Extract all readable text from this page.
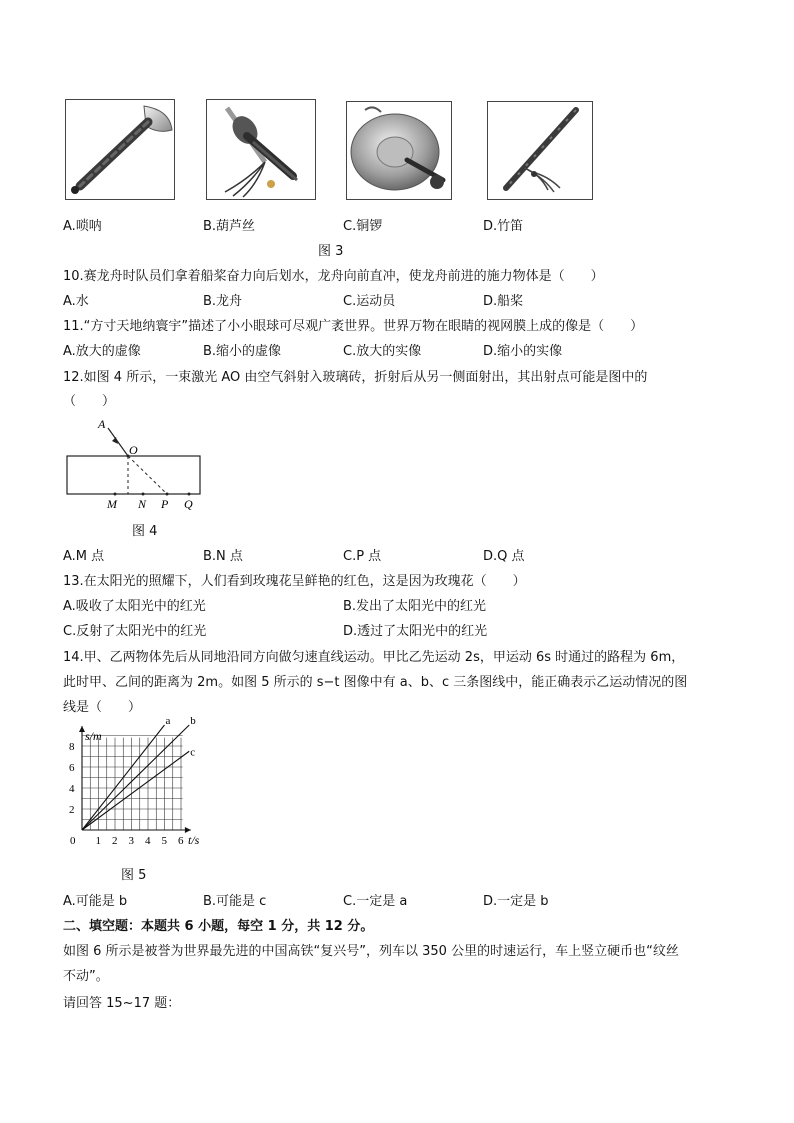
A.唢呐	B.葫芦丝	C.铜锣	D.竹笛
图 3
10.赛龙舟时队员们拿着船桨奋力向后划水，龙舟向前直冲，使龙舟前进的施力物体是（　　）
A.水	B.龙舟	C.运动员	D.船桨
11.“方寸天地纳寰宇”描述了小小眼球可尽观广袤世界。世界万物在眼睛的视网膜上成的像是（　　）
A.放大的虚像	B.缩小的虚像	C.放大的实像	D.缩小的实像
12.如图 4 所示，一束激光 AO 由空气斜射入玻璃砖，折射后从另一侧面射出，其出射点可能是图中的
（　　）
A
O
M N P Q
图 4
A.M 点	B.N 点	C.P 点	D.Q 点
13.在太阳光的照耀下，人们看到玫瑰花呈鲜艳的红色，这是因为玫瑰花（　　）
A.吸收了太阳光中的红光	B.发出了太阳光中的红光
C.反射了太阳光中的红光	D.透过了太阳光中的红光
14.甲、乙两物体先后从同地沿同方向做匀速直线运动。甲比乙先运动 2s，甲运动 6s 时通过的路程为 6m，
此时甲、乙间的距离为 2m。如图 5 所示的 s−t 图像中有 a、b、c 三条图线中，能正确表示乙运动情况的图
线是（　　）
0 1 2 3 4 5 6
2
4
6
8
a b
c
s/m
t/s
图 5
A.可能是 b	B.可能是 c	C.一定是 a	D.一定是 b
二、填空题：本题共 6 小题，每空 1 分，共 12 分。
如图 6 所示是被誉为世界最先进的中国高铁“复兴号”，列车以 350 公里的时速运行，车上竖立硬币也“纹丝
不动”。
请回答 15~17 题：
